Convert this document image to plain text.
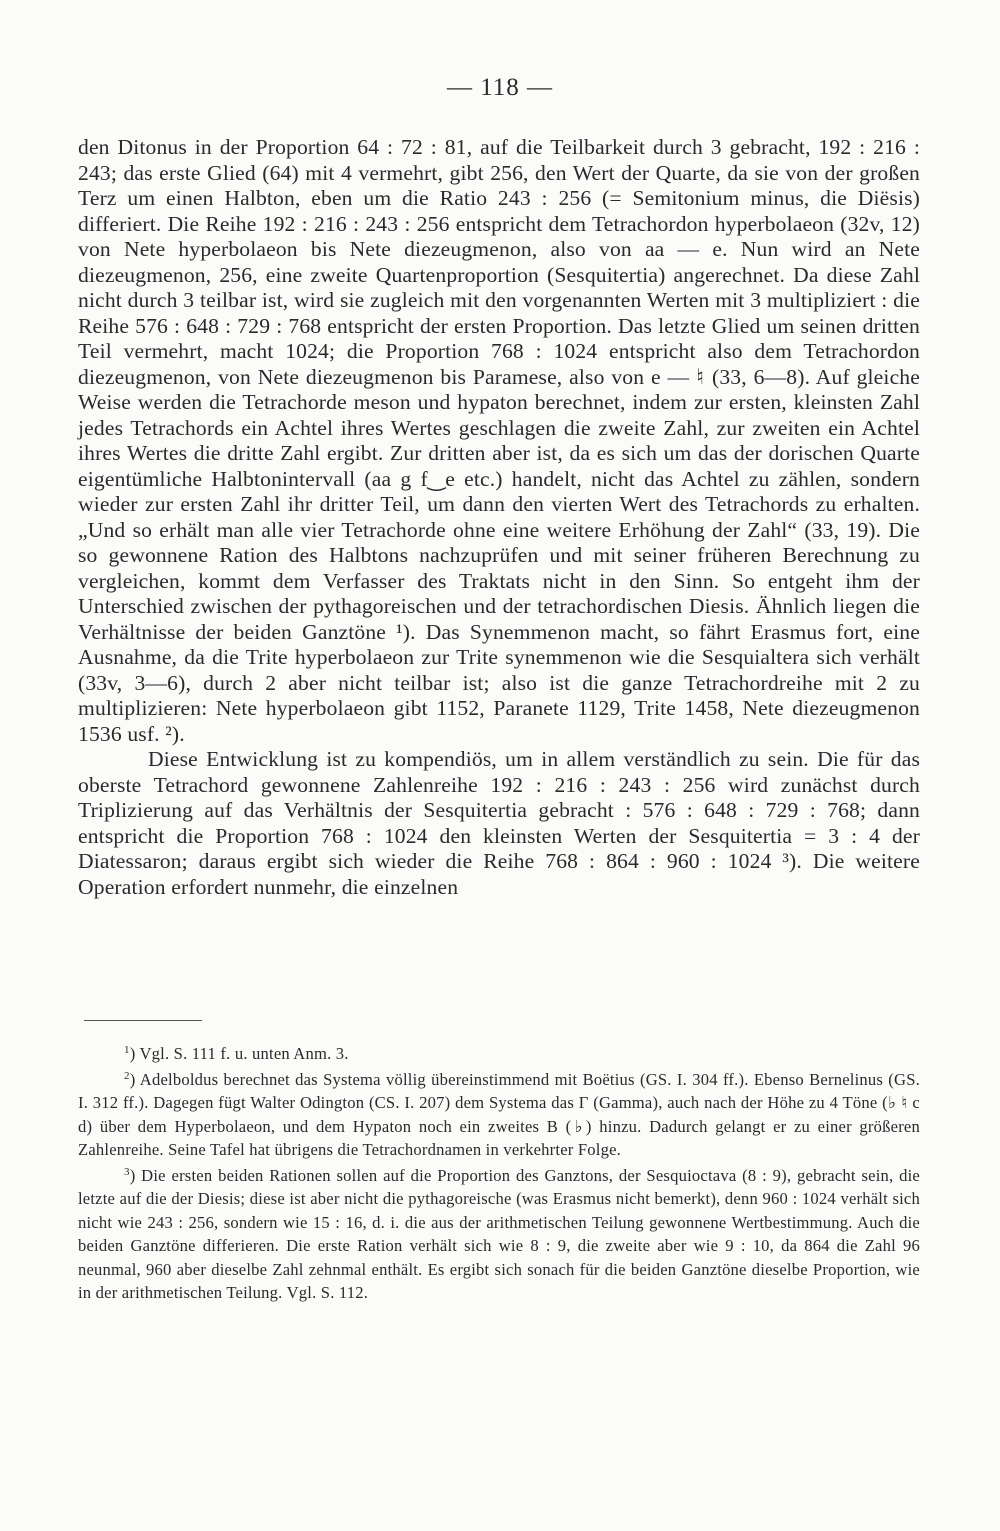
— 118 —

den Ditonus in der Proportion 64 : 72 : 81, auf die Teilbarkeit durch 3 gebracht, 192 : 216 : 243; das erste Glied (64) mit 4 vermehrt, gibt 256, den Wert der Quarte, da sie von der großen Terz um einen Halbton, eben um die Ratio 243 : 256 (= Semitonium minus, die Diësis) differiert. Die Reihe 192 : 216 : 243 : 256 entspricht dem Tetrachordon hyperbolaeon (32v, 12) von Nete hyperbolaeon bis Nete diezeugmenon, also von aa — e. Nun wird an Nete diezeugmenon, 256, eine zweite Quartenproportion (Sesquitertia) angerechnet. Da diese Zahl nicht durch 3 teilbar ist, wird sie zugleich mit den vorgenannten Werten mit 3 multipliziert : die Reihe 576 : 648 : 729 : 768 entspricht der ersten Proportion. Das letzte Glied um seinen dritten Teil vermehrt, macht 1024; die Proportion 768 : 1024 entspricht also dem Tetrachordon diezeugmenon, von Nete diezeugmenon bis Paramese, also von e — ♮ (33, 6—8). Auf gleiche Weise werden die Tetrachorde meson und hypaton berechnet, indem zur ersten, kleinsten Zahl jedes Tetrachords ein Achtel ihres Wertes geschlagen die zweite Zahl, zur zweiten ein Achtel ihres Wertes die dritte Zahl ergibt. Zur dritten aber ist, da es sich um das der dorischen Quarte eigentümliche Halbtonintervall (aa g f‿e etc.) handelt, nicht das Achtel zu zählen, sondern wieder zur ersten Zahl ihr dritter Teil, um dann den vierten Wert des Tetrachords zu erhalten. „Und so erhält man alle vier Tetrachorde ohne eine weitere Erhöhung der Zahl“ (33, 19). Die so gewonnene Ration des Halbtons nachzuprüfen und mit seiner früheren Berechnung zu vergleichen, kommt dem Verfasser des Traktats nicht in den Sinn. So entgeht ihm der Unterschied zwischen der pythagoreischen und der tetrachordischen Diesis. Ähnlich liegen die Verhältnisse der beiden Ganztöne ¹). Das Synemmenon macht, so fährt Erasmus fort, eine Ausnahme, da die Trite hyperbolaeon zur Trite synemmenon wie die Sesquialtera sich verhält (33v, 3—6), durch 2 aber nicht teilbar ist; also ist die ganze Tetrachordreihe mit 2 zu multiplizieren: Nete hyperbolaeon gibt 1152, Paranete 1129, Trite 1458, Nete diezeugmenon 1536 usf. ²).

Diese Entwicklung ist zu kompendiös, um in allem verständlich zu sein. Die für das oberste Tetrachord gewonnene Zahlenreihe 192 : 216 : 243 : 256 wird zunächst durch Triplizierung auf das Verhältnis der Sesquitertia gebracht : 576 : 648 : 729 : 768; dann entspricht die Proportion 768 : 1024 den kleinsten Werten der Sesquitertia = 3 : 4 der Diatessaron; daraus ergibt sich wieder die Reihe 768 : 864 : 960 : 1024 ³). Die weitere Operation erfordert nunmehr, die einzelnen

$^1$) Vgl. S. 111 f. u. unten Anm. 3.

$^2$) Adelboldus berechnet das Systema völlig übereinstimmend mit Boëtius (GS. I. 304 ff.). Ebenso Bernelinus (GS. I. 312 ff.). Dagegen fügt Walter Odington (CS. I. 207) dem Systema das Γ (Gamma), auch nach der Höhe zu 4 Töne (♭ ♮ c d) über dem Hyperbolaeon, und dem Hypaton noch ein zweites B (♭) hinzu. Dadurch gelangt er zu einer größeren Zahlenreihe. Seine Tafel hat übrigens die Tetrachordnamen in verkehrter Folge.

$^3$) Die ersten beiden Rationen sollen auf die Proportion des Ganztons, der Sesquioctava (8 : 9), gebracht sein, die letzte auf die der Diesis; diese ist aber nicht die pythagoreische (was Erasmus nicht bemerkt), denn 960 : 1024 verhält sich nicht wie 243 : 256, sondern wie 15 : 16, d. i. die aus der arithmetischen Teilung gewonnene Wertbestimmung. Auch die beiden Ganztöne differieren. Die erste Ration verhält sich wie 8 : 9, die zweite aber wie 9 : 10, da 864 die Zahl 96 neunmal, 960 aber dieselbe Zahl zehnmal enthält. Es ergibt sich sonach für die beiden Ganztöne dieselbe Proportion, wie in der arithmetischen Teilung. Vgl. S. 112.
